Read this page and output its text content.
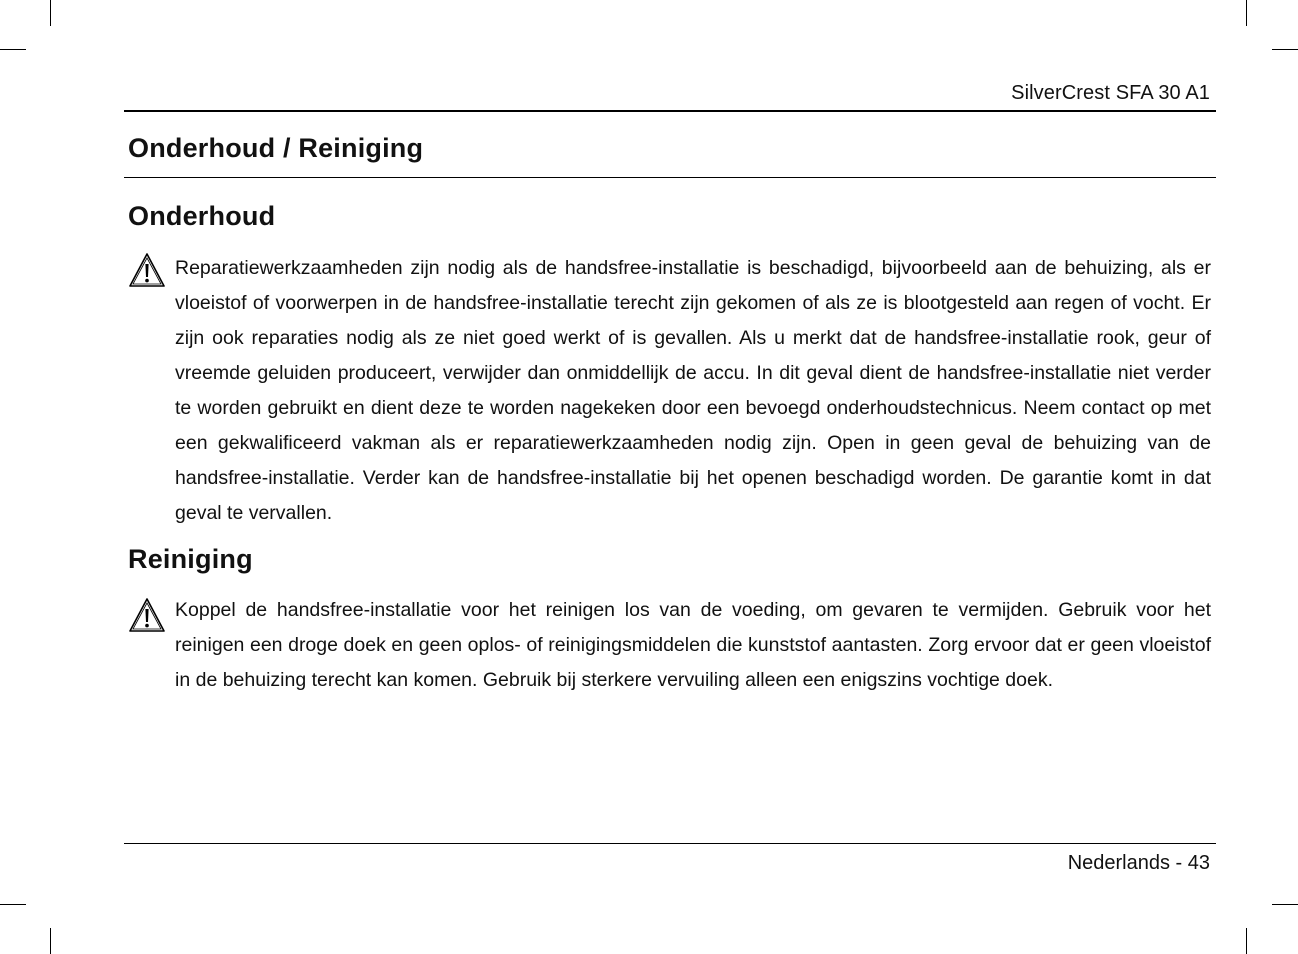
SilverCrest SFA 30 A1
Onderhoud / Reiniging
Onderhoud

Reparatiewerkzaamheden zijn nodig als de handsfree-installatie is beschadigd, bijvoorbeeld aan de behuizing, als er vloeistof of voorwerpen in de handsfree-installatie terecht zijn gekomen of als ze is blootgesteld aan regen of vocht. Er zijn ook reparaties nodig als ze niet goed werkt of is gevallen. Als u merkt dat de handsfree-installatie rook, geur of vreemde geluiden produceert, verwijder dan onmiddellijk de accu. In dit geval dient de handsfree-installatie niet verder te worden gebruikt en dient deze te worden nagekeken door een bevoegd onderhoudstechnicus. Neem contact op met een gekwalificeerd vakman als er reparatiewerkzaamheden nodig zijn. Open in geen geval de behuizing van de handsfree-installatie. Verder kan de handsfree-installatie bij het openen beschadigd worden. De garantie komt in dat geval te vervallen.

Reiniging

Koppel de handsfree-installatie voor het reinigen los van de voeding, om gevaren te vermijden. Gebruik voor het reinigen een droge doek en geen oplos- of reinigingsmiddelen die kunststof aantasten. Zorg ervoor dat er geen vloeistof in de behuizing terecht kan komen. Gebruik bij sterkere vervuiling alleen een enigszins vochtige doek.

Nederlands - 43
